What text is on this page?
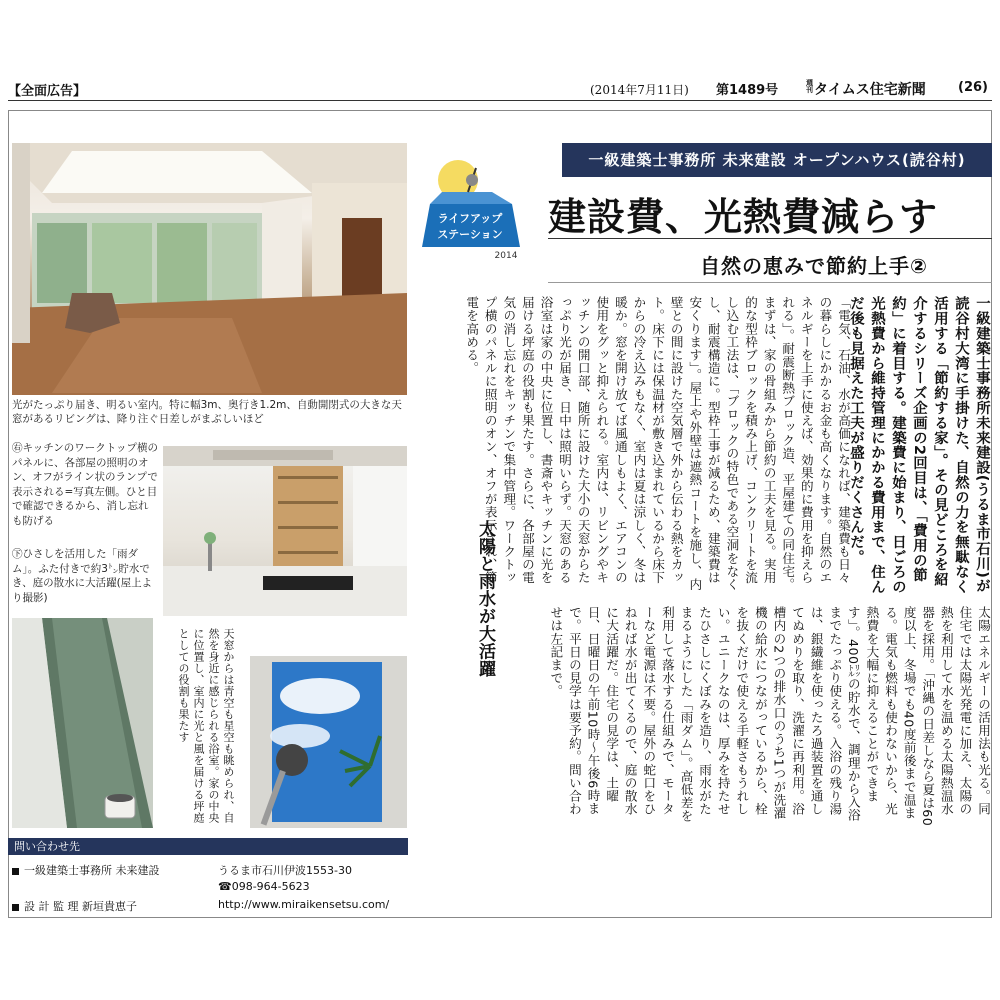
【全面広告】	(2014年7月11日) 第1489号
週刊タイムス住宅新聞 (26)
光がたっぷり届き、明るい室内。特に幅3m、奥行き1.2m、自動開閉式の大きな天窓があるリビングは、降り注ぐ日差しがまぶしいほど
㊨キッチンのワークトップ横のパネルに、各部屋の照明のオン、オフがライン状のランプで表示される=写真左側。ひと目で確認できるから、消し忘れも防げる
㊦ひさしを活用した「雨ダム」。ふた付きで約3㌧貯水でき、庭の散水に大活躍(屋上より撮影)
天窓からは青空も星空も眺められ、自然を身近に感じられる浴室。家の中央に位置し、室内に光と風を届ける坪庭としての役割も果たす
一級建築士事務所 未来建設 オープンハウス(読谷村)
建設費、光熱費減らす
自然の恵みで節約上手②
ライフアップ
ステーション
2014
一級建築士事務所未来建設(うるま市石川)が読谷村大湾に手掛けた、自然の力を無駄なく活用する「節約する家」。その見どころを紹介するシリーズ企画の2回目は、「費用の節約」に着目する。建築費に始まり、日ごろの光熱費から維持管理にかかる費用まで、住んだ後も見据えた工夫が盛りだくさんだ。
「電気、石油、水が高価になれば、建築費も日々の暮らしにかかるお金も高くなります。自然のエネルギーを上手に使えば、効果的に費用を抑えられる」。耐震断熱ブロック造、平屋建ての同住宅。まずは、家の骨組みから節約の工夫を見る。実用的な型枠ブロックを積み上げ、コンクリートを流し込む工法は、「ブロックの特色である空洞をなくし、耐震構造に。型枠工事が減るため、建築費は安くります」。屋上や外壁は遮熱コートを施し、内壁との間に設けた空気層で外から伝わる熱をカット。床下には保温材が敷き込まれているから床下からの冷え込みもなく、室内は夏は涼しく、冬は暖か。窓を開け放てば風通しもよく、エアコンの使用をグッと抑えられる。室内は、リビングやキッチンの開口部、随所に設けた大小の天窓からたっぷり光が届き、日中は照明いらず。天窓のある浴室は家の中央に位置し、書斎やキッチンに光を届ける坪庭の役割も果たす。さらに、各部屋の電気の消し忘れをキッチンで集中管理。ワークトップ横のパネルに照明のオン、オフが表示され、節電を高める。
太陽と雨水が大活躍
太陽エネルギーの活用法も光る。同住宅では太陽光発電に加え、太陽の熱を利用して水を温める太陽熱温水器を採用。「沖縄の日差しなら夏は60度以上、冬場でも40度前後まで温まる。電気も燃料も使わないから、光熱費を大幅に抑えることができます」。400㍑の貯水で、調理から入浴までたっぷり使える。入浴の残り湯は、銀繊維を使ったろ過装置を通してぬめりを取り、洗濯に再利用。浴槽内の2つの排水口のうち1つが洗濯機の給水につながっているから、栓を抜くだけで使える手軽さもうれしい。ユニークなのは、厚みを持たせたひさしにくぼみを造り、雨水がたまるようにした「雨ダム」。高低差を利用して落水する仕組みで、モーターなど電源は不要。屋外の蛇口をひねれば水が出てくるので、庭の散水に大活躍だ。住宅の見学は、土曜日、日曜日の午前10時〜午後6時まで。平日の見学は要予約。問い合わせは左記まで。
問い合わせ先
一級建築士事務所 未来建設	うるま市石川伊波1553-30
☎098-964-5623
設 計 監 理 新垣貴恵子	http://www.miraikensetsu.com/
